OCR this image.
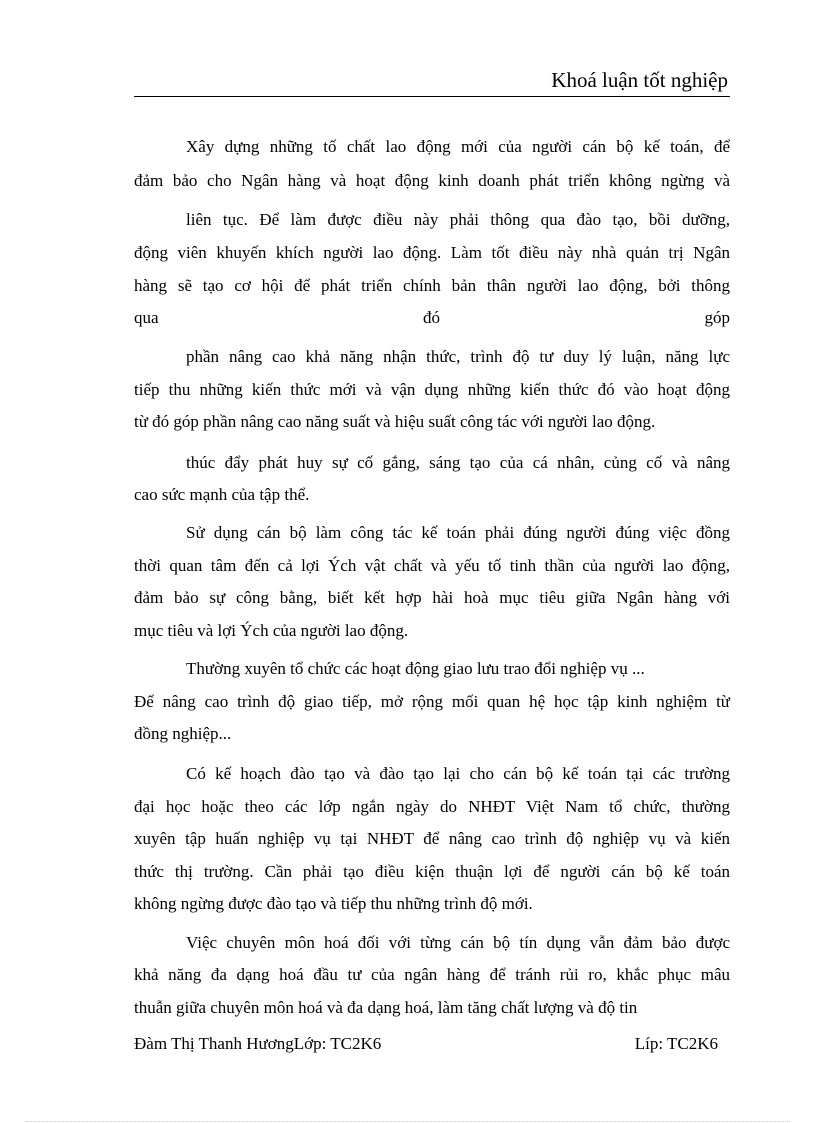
Khoá luận tốt nghiệp
Xây dựng những tố chất lao động mới của người cán bộ kế toán, để
đảm bảo cho Ngân hàng và hoạt động kinh doanh phát triển không ngừng và
liên tục. Để làm được điều này phải thông qua đào tạo, bồi dưỡng,
động viên khuyến khích người lao động. Làm tốt điều này nhà quản trị Ngân
hàng sẽ tạo cơ hội để phát triển chính bản thân người lao động, bởi thông
qua	đó	góp
phần nâng cao khả năng nhận thức, trình độ tư duy lý luận, năng lực
tiếp thu những kiến thức mới và vận dụng những kiến thức đó vào hoạt động
từ đó góp phần nâng cao năng suất và hiệu suất công tác với người lao động.
thúc đẩy phát huy sự cố gắng, sáng tạo của cá nhân, củng cố và nâng
cao sức mạnh của tập thể.
Sử dụng cán bộ làm công tác kế toán phải đúng người đúng việc đồng
thời quan tâm đến cả lợi Ých vật chất và yếu tố tinh thần của người lao động,
đảm bảo sự công bằng, biết kết hợp hài hoà mục tiêu giữa Ngân hàng với
mục tiêu và lợi Ých của người lao động.
Thường xuyên tổ chức các hoạt động giao lưu trao đổi nghiệp vụ ...
Để nâng cao trình độ giao tiếp, mở rộng mối quan hệ học tập kinh nghiệm từ
đồng nghiệp...
Có kế hoạch đào tạo và đào tạo lại cho cán bộ kế toán tại các trường
đại học hoặc theo các lớp ngắn ngày do NHĐT Việt Nam tổ chức, thường
xuyên tập huấn nghiệp vụ tại NHĐT để nâng cao trình độ nghiệp vụ và kiến
thức thị trường. Cần phải tạo điều kiện thuận lợi để người cán bộ kế toán
không ngừng được đào tạo và tiếp thu những trình độ mới.
Việc chuyên môn hoá đối với từng cán bộ tín dụng vẫn đảm bảo được
khả năng đa dạng hoá đầu tư của ngân hàng để tránh rủi ro, khắc phục mâu
thuẫn giữa chuyên môn hoá và đa dạng hoá, làm tăng chất lượng và độ tin
Đàm Thị Thanh HươngLớp: TC2K6	Líp: TC2K6
